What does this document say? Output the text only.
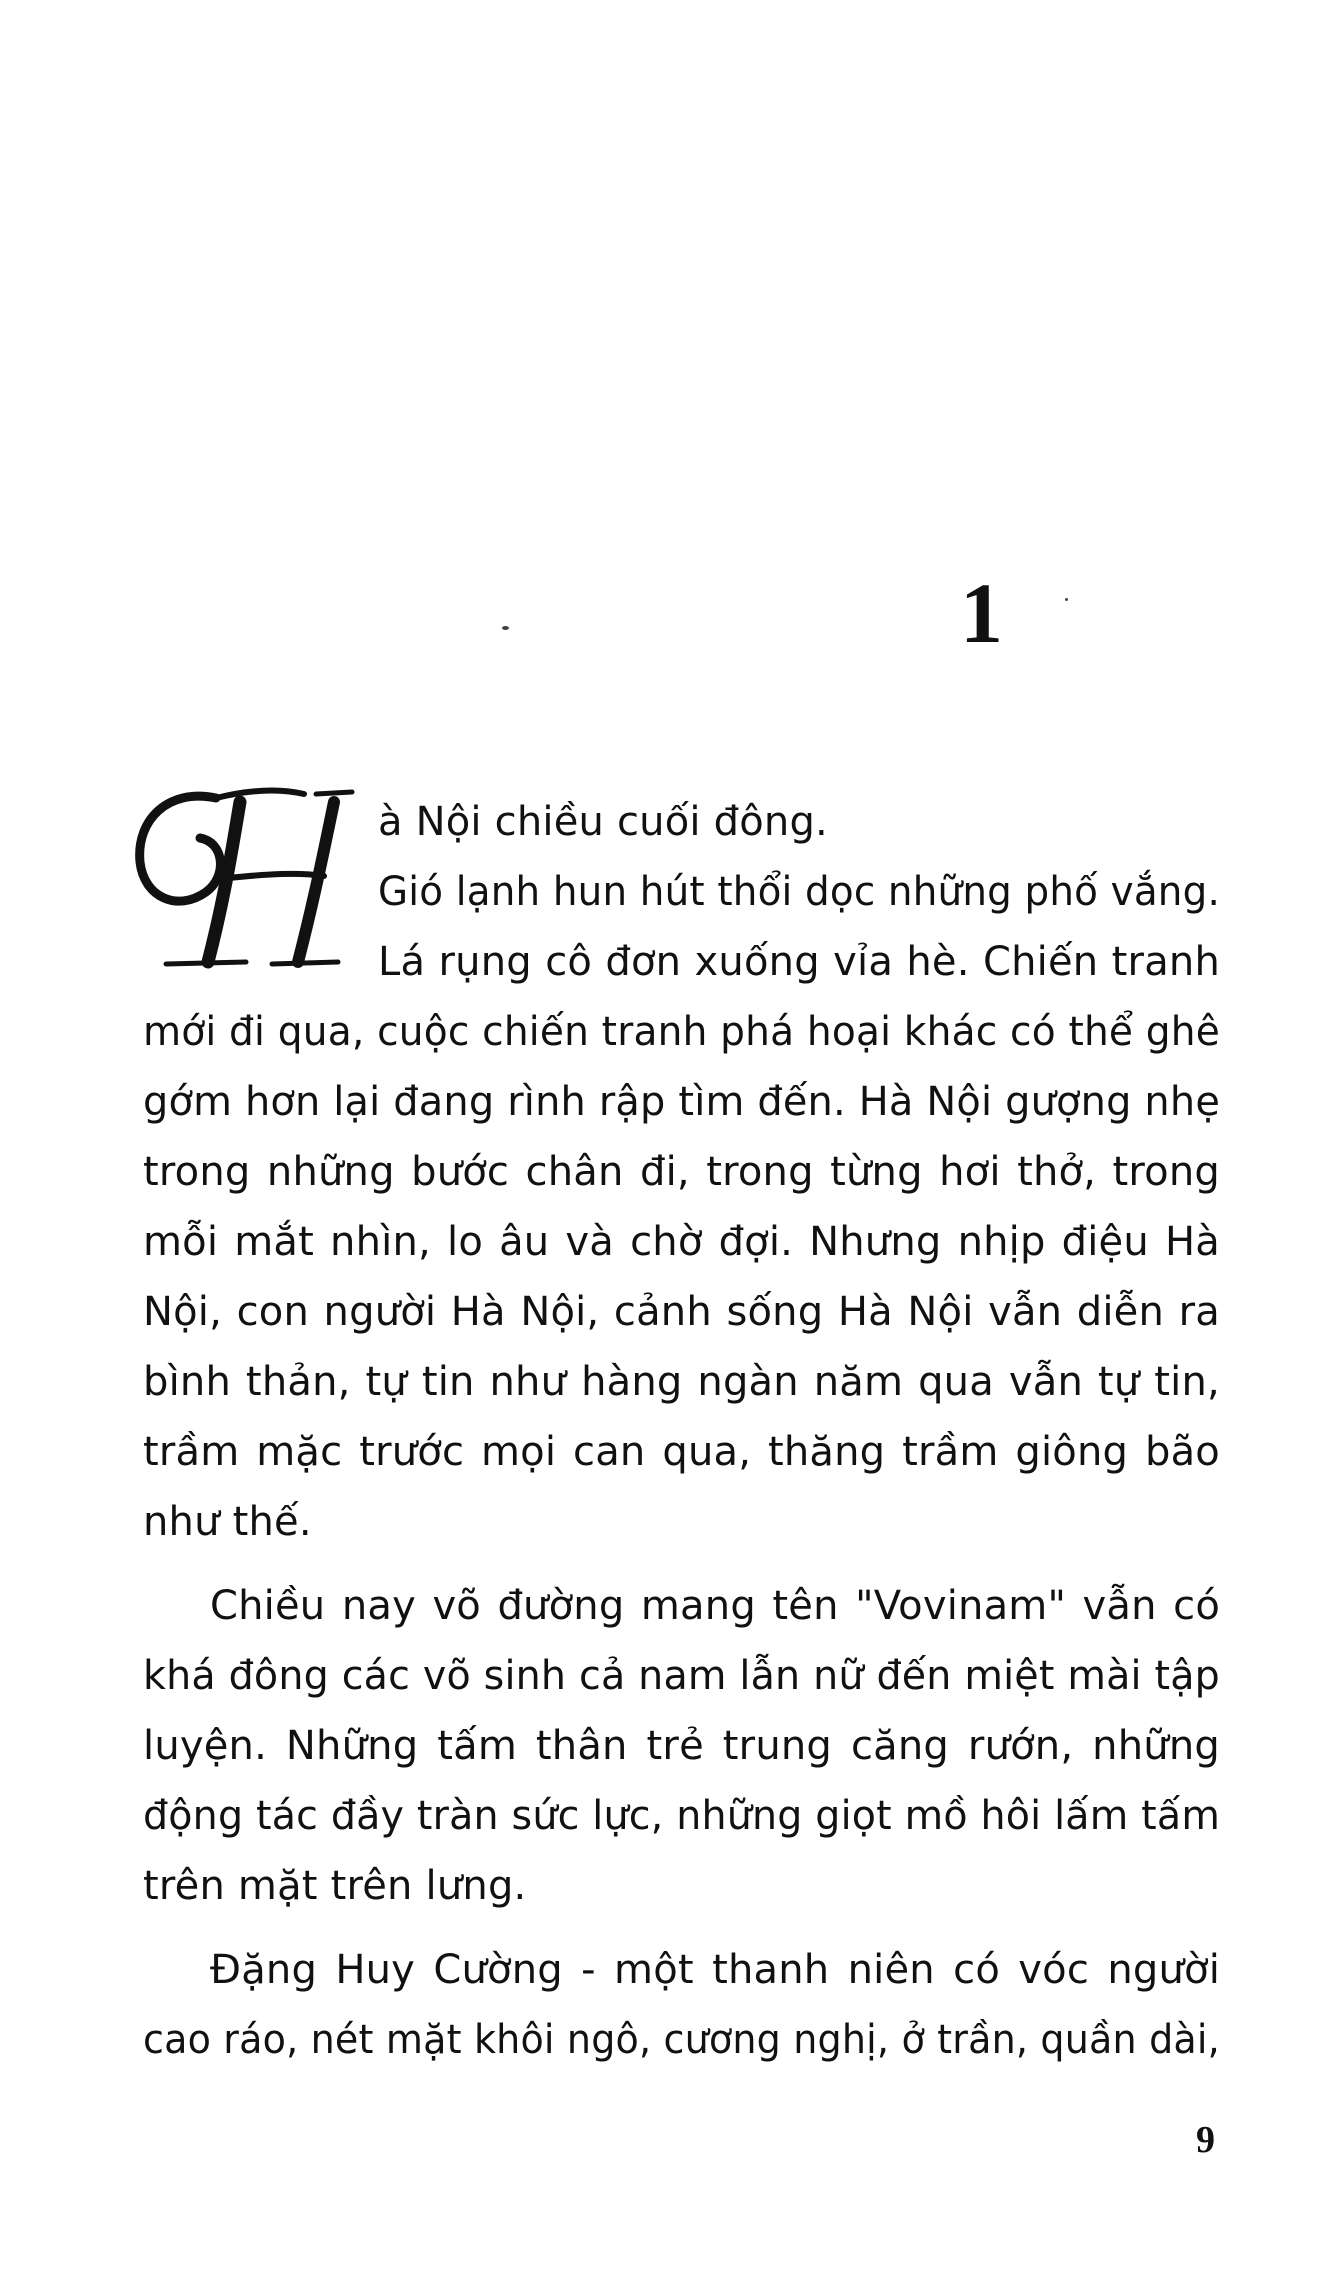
1
H
à Nội chiều cuối đông.
Gió lạnh hun hút thổi dọc những phố vắng.
Lá rụng cô đơn xuống vỉa hè. Chiến tranh
mới đi qua, cuộc chiến tranh phá hoại khác có thể ghê
gớm hơn lại đang rình rập tìm đến. Hà Nội gượng nhẹ
trong những bước chân đi, trong từng hơi thở, trong
mỗi mắt nhìn, lo âu và chờ đợi. Nhưng nhịp điệu Hà
Nội, con người Hà Nội, cảnh sống Hà Nội vẫn diễn ra
bình thản, tự tin như hàng ngàn năm qua vẫn tự tin,
trầm mặc trước mọi can qua, thăng trầm giông bão
như thế.
Chiều nay võ đường mang tên "Vovinam" vẫn có
khá đông các võ sinh cả nam lẫn nữ đến miệt mài tập
luyện. Những tấm thân trẻ trung căng rướn, những
động tác đầy tràn sức lực, những giọt mồ hôi lấm tấm
trên mặt trên lưng.
Đặng Huy Cường - một thanh niên có vóc người
cao ráo, nét mặt khôi ngô, cương nghị, ở trần, quần dài,
9
